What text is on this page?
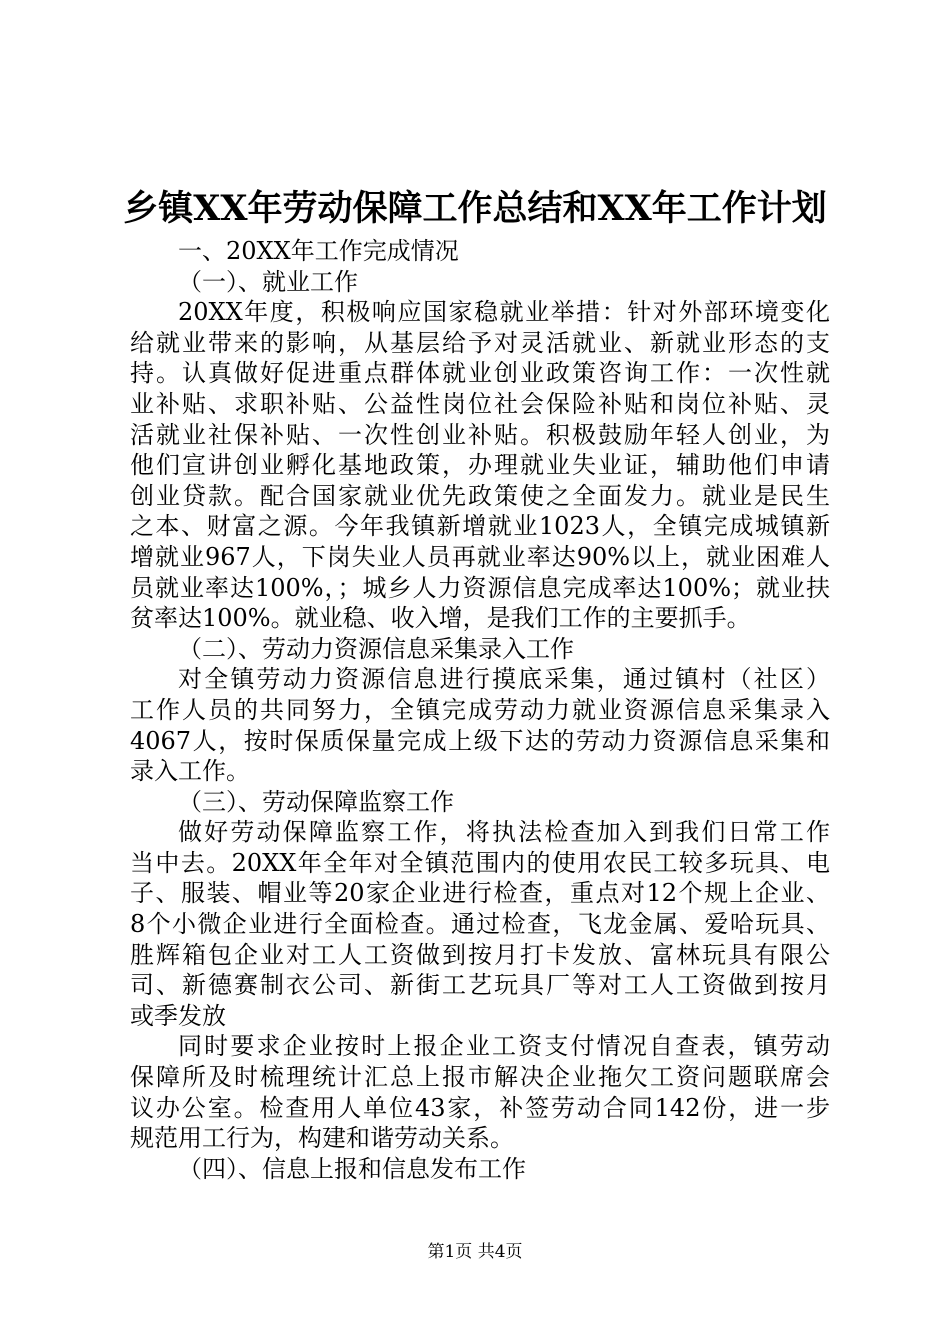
乡镇XX年劳动保障工作总结和XX年工作计划
一、20XX年工作完成情况
（一）、就业工作
20XX年度，积极响应国家稳就业举措：针对外部环境变化
给就业带来的影响，从基层给予对灵活就业、新就业形态的支
持。认真做好促进重点群体就业创业政策咨询工作：一次性就
业补贴、求职补贴、公益性岗位社会保险补贴和岗位补贴、灵
活就业社保补贴、一次性创业补贴。积极鼓励年轻人创业，为
他们宣讲创业孵化基地政策，办理就业失业证，辅助他们申请
创业贷款。配合国家就业优先政策使之全面发力。就业是民生
之本、财富之源。今年我镇新增就业1023人，全镇完成城镇新
增就业967人，下岗失业人员再就业率达90%以上，就业困难人
员就业率达100%，；城乡人力资源信息完成率达100%；就业扶
贫率达100%。就业稳、收入增，是我们工作的主要抓手。
（二）、劳动力资源信息采集录入工作
对全镇劳动力资源信息进行摸底采集，通过镇村（社区）
工作人员的共同努力，全镇完成劳动力就业资源信息采集录入
4067人，按时保质保量完成上级下达的劳动力资源信息采集和
录入工作。
（三）、劳动保障监察工作
做好劳动保障监察工作，将执法检查加入到我们日常工作
当中去。20XX年全年对全镇范围内的使用农民工较多玩具、电
子、服装、帽业等20家企业进行检查，重点对12个规上企业、
8个小微企业进行全面检查。通过检查，飞龙金属、爱哈玩具、
胜辉箱包企业对工人工资做到按月打卡发放、富林玩具有限公
司、新德赛制衣公司、新街工艺玩具厂等对工人工资做到按月
或季发放
同时要求企业按时上报企业工资支付情况自查表，镇劳动
保障所及时梳理统计汇总上报市解决企业拖欠工资问题联席会
议办公室。检查用人单位43家，补签劳动合同142份，进一步
规范用工行为，构建和谐劳动关系。
（四）、信息上报和信息发布工作
第1页 共4页
